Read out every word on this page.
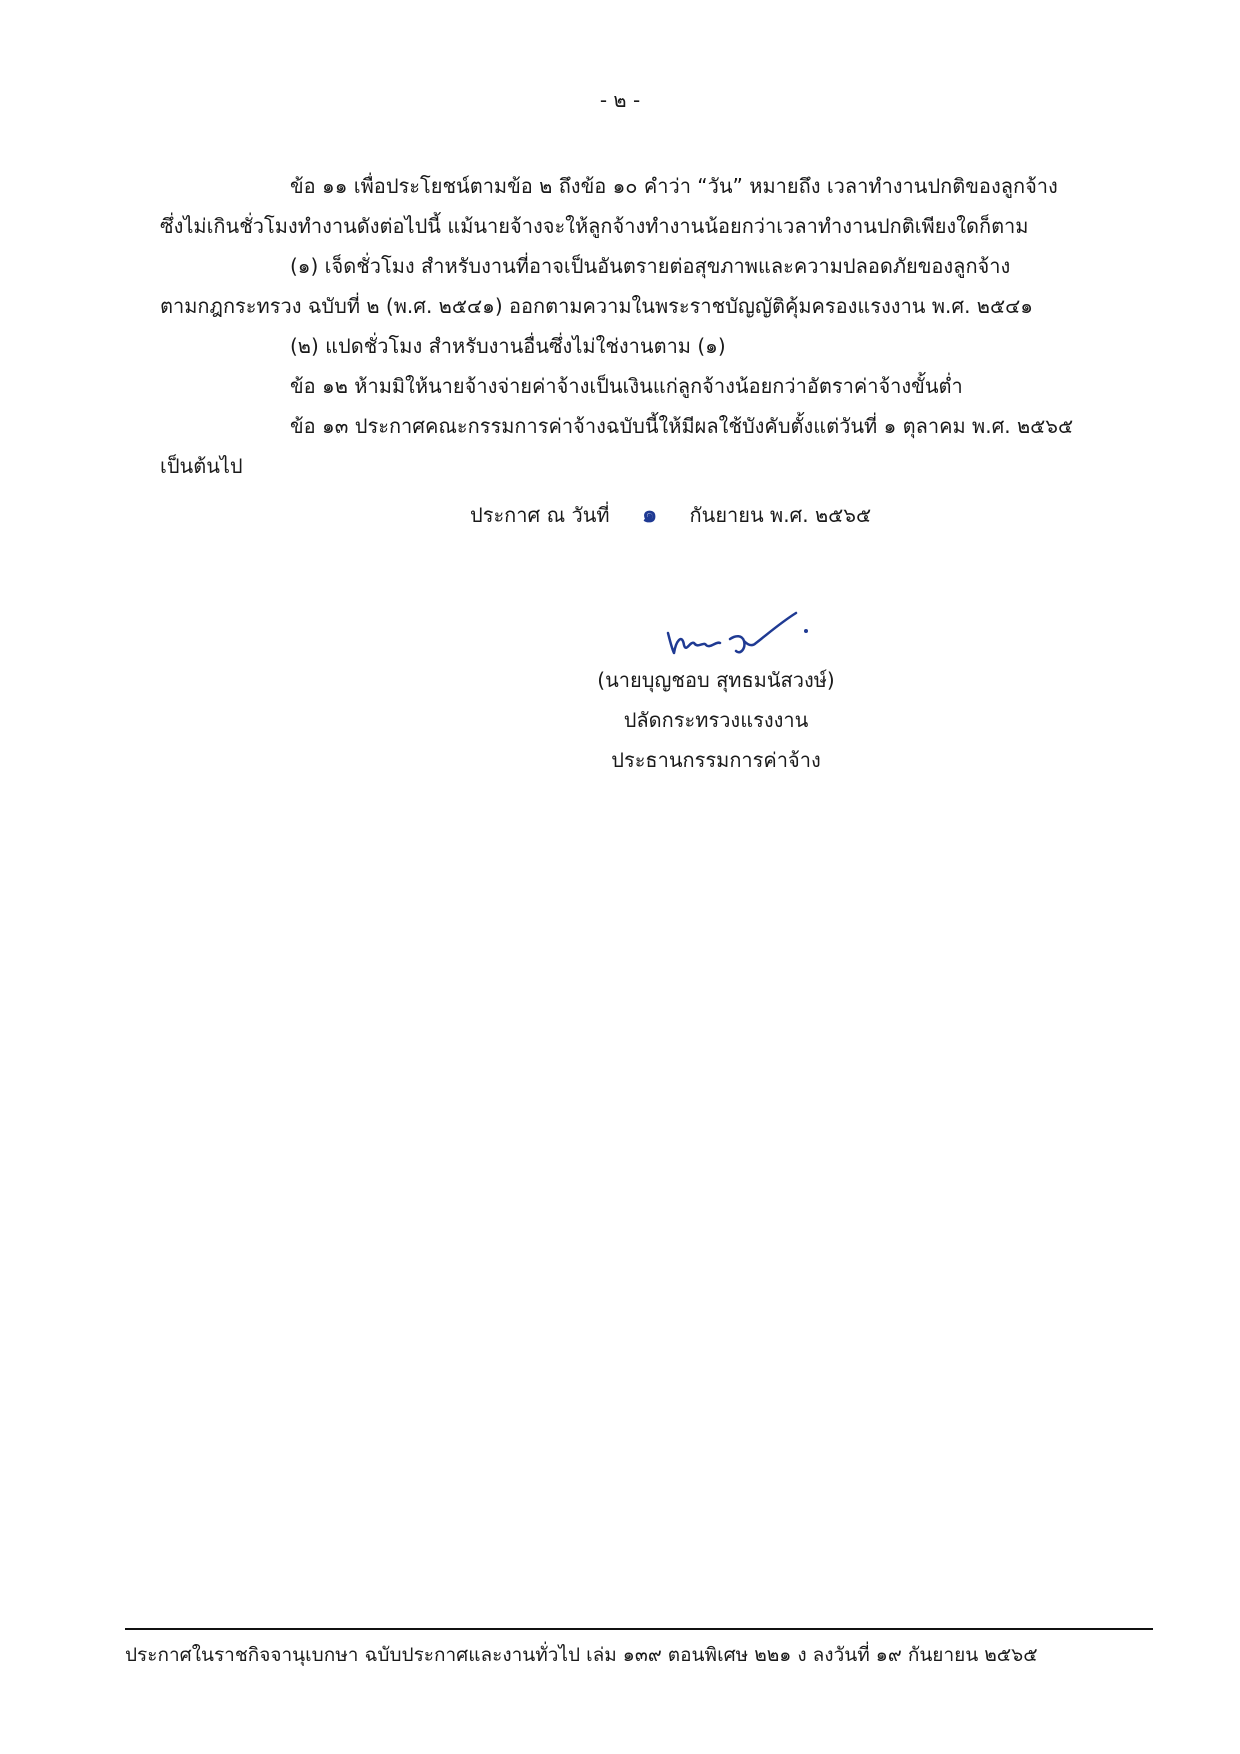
- ๒ -
ข้อ ๑๑ เพื่อประโยชน์ตามข้อ ๒ ถึงข้อ ๑๐ คำว่า “วัน” หมายถึง เวลาทำงานปกติของลูกจ้าง
ซึ่งไม่เกินชั่วโมงทำงานดังต่อไปนี้ แม้นายจ้างจะให้ลูกจ้างทำงานน้อยกว่าเวลาทำงานปกติเพียงใดก็ตาม
(๑) เจ็ดชั่วโมง สำหรับงานที่อาจเป็นอันตรายต่อสุขภาพและความปลอดภัยของลูกจ้าง
ตามกฎกระทรวง ฉบับที่ ๒ (พ.ศ. ๒๕๔๑) ออกตามความในพระราชบัญญัติคุ้มครองแรงงาน พ.ศ. ๒๕๔๑
(๒) แปดชั่วโมง สำหรับงานอื่นซึ่งไม่ใช่งานตาม (๑)
ข้อ ๑๒ ห้ามมิให้นายจ้างจ่ายค่าจ้างเป็นเงินแก่ลูกจ้างน้อยกว่าอัตราค่าจ้างขั้นต่ำ
ข้อ ๑๓ ประกาศคณะกรรมการค่าจ้างฉบับนี้ให้มีผลใช้บังคับตั้งแต่วันที่ ๑ ตุลาคม พ.ศ. ๒๕๖๕
เป็นต้นไป
ประกาศ ณ วันที่ ๑ กันยายน พ.ศ. ๒๕๖๕
(นายบุญชอบ สุทธมนัสวงษ์)
ปลัดกระทรวงแรงงาน
ประธานกรรมการค่าจ้าง
ประกาศในราชกิจจานุเบกษา ฉบับประกาศและงานทั่วไป เล่ม ๑๓๙ ตอนพิเศษ ๒๒๑ ง ลงวันที่ ๑๙ กันยายน ๒๕๖๕
